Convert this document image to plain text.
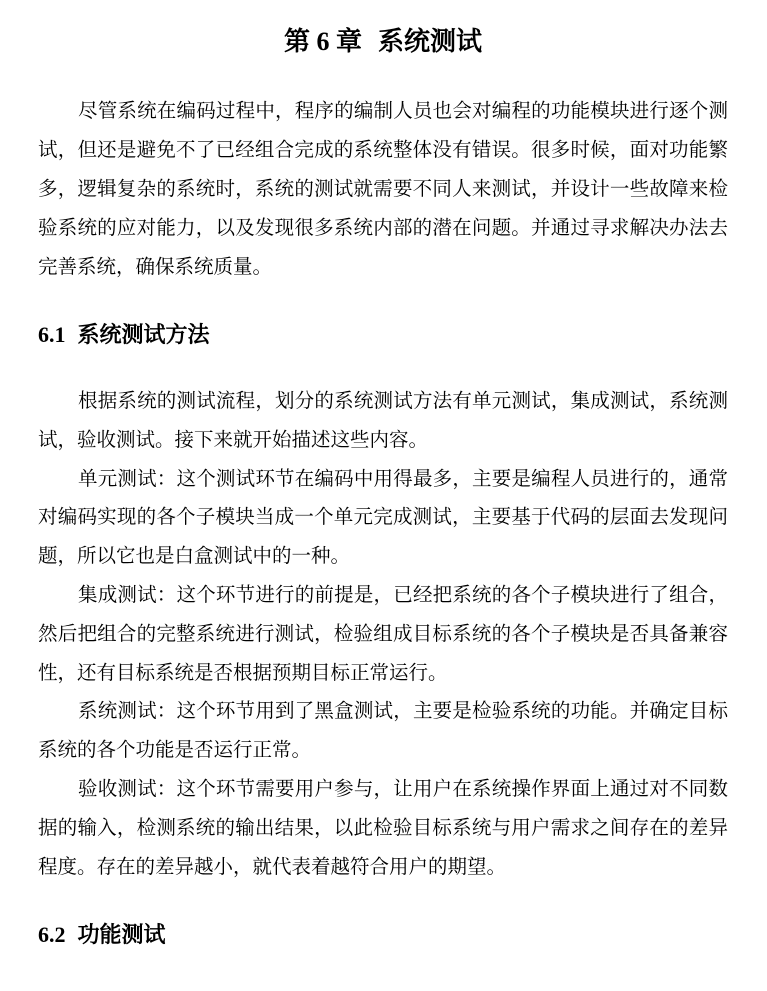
第 6 章 系统测试
尽管系统在编码过程中，程序的编制人员也会对编程的功能模块进行逐个测
试，但还是避免不了已经组合完成的系统整体没有错误。很多时候，面对功能繁
多，逻辑复杂的系统时，系统的测试就需要不同人来测试，并设计一些故障来检
验系统的应对能力，以及发现很多系统内部的潜在问题。并通过寻求解决办法去
完善系统，确保系统质量。
6.1 系统测试方法
根据系统的测试流程，划分的系统测试方法有单元测试，集成测试，系统测
试，验收测试。接下来就开始描述这些内容。
单元测试：这个测试环节在编码中用得最多，主要是编程人员进行的，通常
对编码实现的各个子模块当成一个单元完成测试，主要基于代码的层面去发现问
题，所以它也是白盒测试中的一种。
集成测试：这个环节进行的前提是，已经把系统的各个子模块进行了组合，
然后把组合的完整系统进行测试，检验组成目标系统的各个子模块是否具备兼容
性，还有目标系统是否根据预期目标正常运行。
系统测试：这个环节用到了黑盒测试，主要是检验系统的功能。并确定目标
系统的各个功能是否运行正常。
验收测试：这个环节需要用户参与，让用户在系统操作界面上通过对不同数
据的输入，检测系统的输出结果，以此检验目标系统与用户需求之间存在的差异
程度。存在的差异越小，就代表着越符合用户的期望。
6.2 功能测试
